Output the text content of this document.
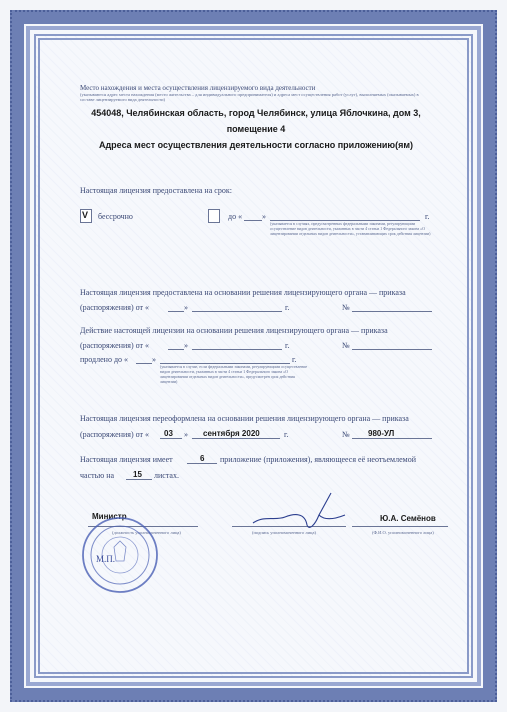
Место нахождения и места осуществления лицензируемого вида деятельности
(указываются адрес места нахождения (место жительства – для индивидуального предпринимателя) и адреса мест осуществления работ (услуг), выполняемых (оказываемых) в составе лицензируемого вида деятельности)
454048, Челябинская область, город Челябинск, улица Яблочкина, дом 3,
помещение 4
Адреса мест осуществления деятельности согласно приложению(ям)
Настоящая лицензия предоставлена на срок:
V бессрочно	до « »	г.
(указывается в случаях, предусмотренных федеральными законами, регулирующими осуществление видов деятельности, указанных в части 4 статьи 1 Федерального закона «О лицензировании отдельных видов деятельности», устанавливающих срок действия лицензии)
Настоящая лицензия предоставлена на основании решения лицензирующего органа — приказа
(распоряжения) от «	»	г.	№
Действие настоящей лицензии на основании решения лицензирующего органа — приказа
(распоряжения) от «	»	г.	№
продлено до «	»	г.
(указывается в случае, если федеральными законами, регулирующими осуществление видов деятельности, указанных в части 4 статьи 1 Федерального закона «О лицензировании отдельных видов деятельности», предусмотрен срок действия лицензии)
Настоящая лицензия переоформлена на основании решения лицензирующего органа — приказа
(распоряжения) от « 03 » сентября 2020	г.	№ 980-УЛ
Настоящая лицензия имеет	6 приложение (приложения), являющееся её неотъемлемой
частью на 15 листах.
Министр
(должность уполномоченного лица)	(подпись уполномоченного лица)
Ю.А. Семёнов
(Ф.И.О. уполномоченного лица)
М.П.
